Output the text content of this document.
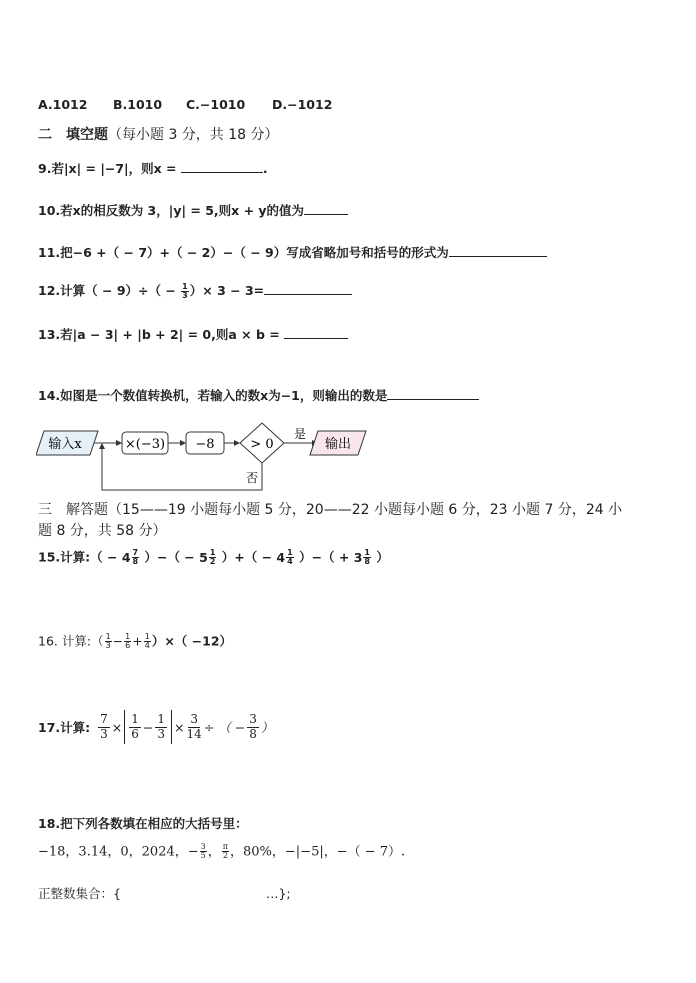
A.1012 B.1010 C.−1010 D.−1012
二　填空题（每小题 3 分，共 18 分）
9.若|x| = |−7|，则x =	.
10.若x的相反数为 3，|y| = 5,则x + y的值为
11.把−6 +（ − 7）+（ − 2）−（ − 9）写成省略加号和括号的形式为
12.计算（ − $9)\div( - \frac{1}{3}$ ）× 3 − 3=
13.若|a − 3| + |b + 2| = 0,则a × b =
14.如图是一个数值转换机，若输入的数x为−1，则输出的数是
输入x	×(−3) −8	> 0
是
输出
否
三　解答题（15——19 小题每小题 5 分，20——22 小题每小题 6 分，23 小题 7 分，24 小
题 8 分，共 58 分）
15.计算:（ − $4 \frac{7}{8}$ ）−（ − $5 \frac{1}{2}$ ）+（ − $4 \frac{1}{4}$ ）−（ + $3 \frac{1}{8}$ ）
16. 计算:（ $\frac{1}{3} - \frac{1}{6} + \frac{1}{4}$ ）×（ −12）
17.计算: $\frac{7}{3}$ ×
1
$6 - \frac{1}{3} \times \frac{3}{14}$ ÷ （ − $\frac{3}{8}$ ）
18.把下列各数填在相应的大括号里：
−18，3.14，0，2024，− $\frac{3}{5}$ ， $\frac{\pi}{2}$ ，80%，−|−5|，−（ − 7）.
正整数集合：{	…};
